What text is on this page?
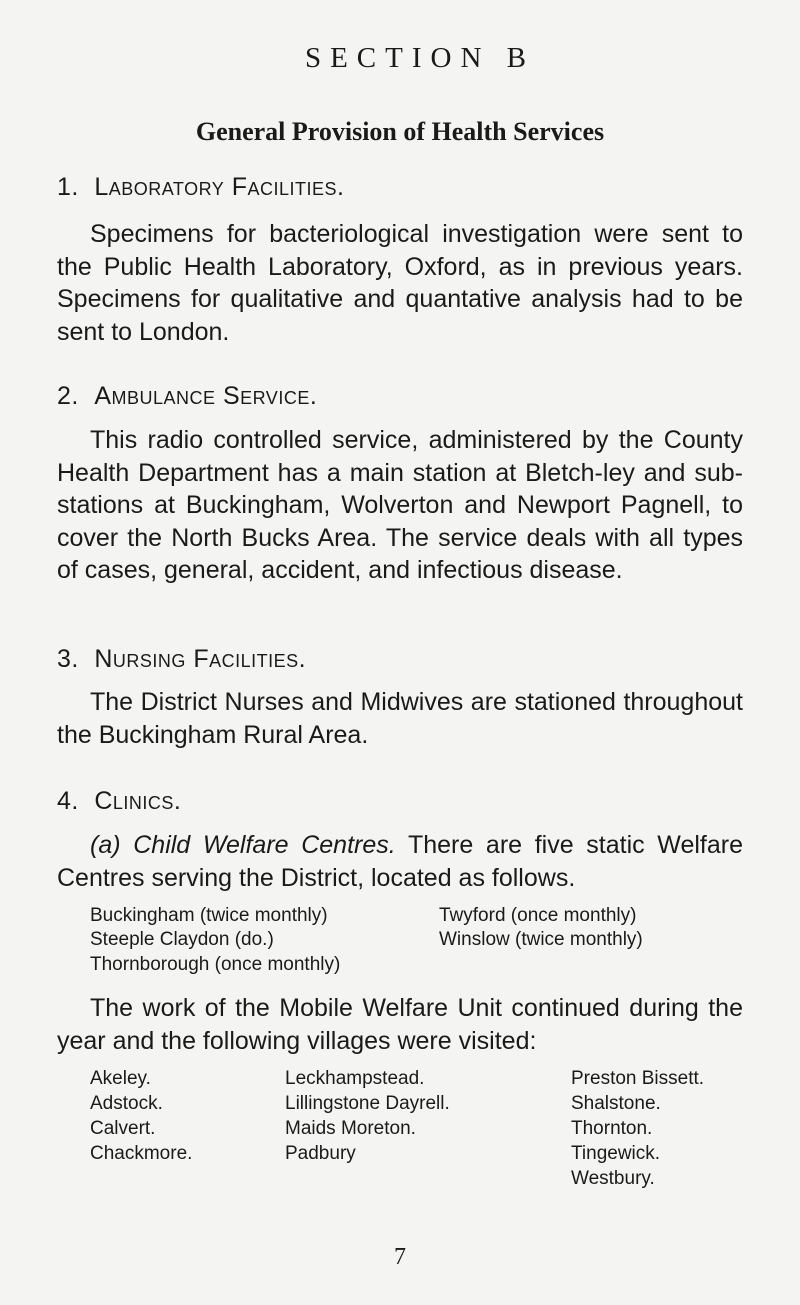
SECTION B
General Provision of Health Services
1. Laboratory Facilities.

Specimens for bacteriological investigation were sent to the Public Health Laboratory, Oxford, as in previous years. Specimens for qualitative and quantative analysis had to be sent to London.

2. Ambulance Service.

This radio controlled service, administered by the County Health Department has a main station at Bletch-ley and sub-stations at Buckingham, Wolverton and Newport Pagnell, to cover the North Bucks Area. The service deals with all types of cases, general, accident, and infectious disease.

3. Nursing Facilities.

The District Nurses and Midwives are stationed throughout the Buckingham Rural Area.

4. Clinics.

(a) Child Welfare Centres. There are five static Welfare Centres serving the District, located as follows.

Buckingham (twice monthly)	Twyford (once monthly)
Steeple Claydon (do.)	Winslow (twice monthly)
Thornborough (once monthly)

The work of the Mobile Welfare Unit continued during the year and the following villages were visited:

Akeley.
Adstock.
Calvert.
Chackmore.
Leckhampstead.
Lillingstone Dayrell.
Maids Moreton.
Padbury
Preston Bissett.
Shalstone.
Thornton.
Tingewick.
Westbury.
7
